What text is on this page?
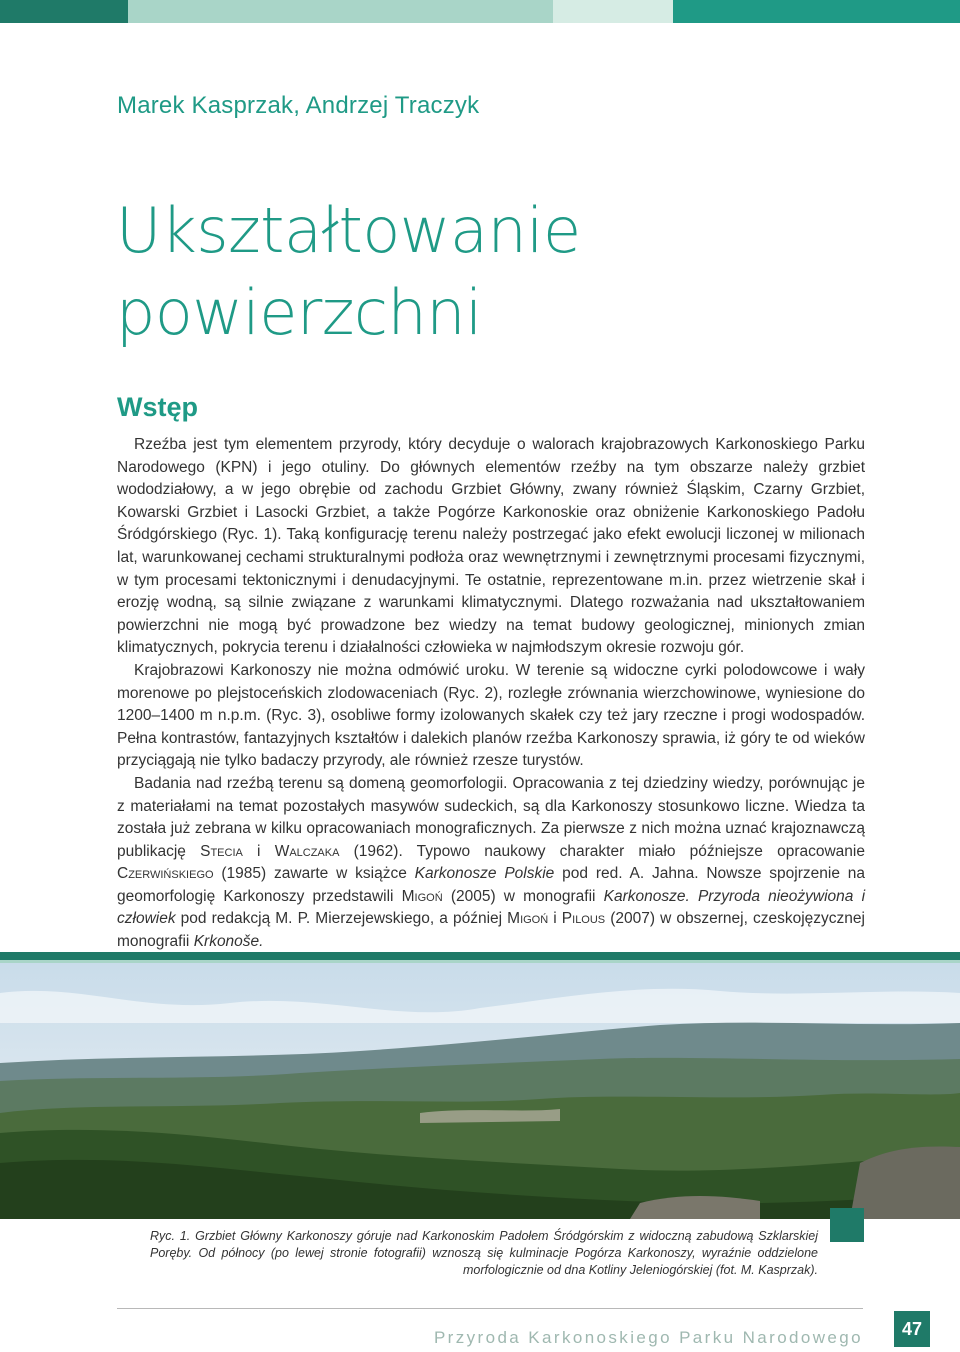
Marek Kasprzak, Andrzej Traczyk
Ukształtowanie
powierzchni
Wstęp

Rzeźba jest tym elementem przyrody, który decyduje o walorach krajobrazowych Karkonoskiego Parku Narodowego (KPN) i jego otuliny. Do głównych elementów rzeźby na tym obszarze należy grzbiet wododziałowy, a w jego obrębie od zachodu Grzbiet Główny, zwany również Śląskim, Czarny Grzbiet, Kowarski Grzbiet i Lasocki Grzbiet, a także Pogórze Karkonoskie oraz obniżenie Karkonoskiego Padołu Śródgórskiego (Ryc. 1). Taką konfigurację terenu należy postrzegać jako efekt ewolucji liczonej w milionach lat, warunkowanej cechami strukturalnymi podłoża oraz wewnętrznymi i zewnętrznymi procesami fizycznymi, w tym procesami tektonicznymi i denudacyjnymi. Te ostatnie, reprezentowane m.in. przez wietrzenie skał i erozję wodną, są silnie związane z warunkami klimatycznymi. Dlatego rozważania nad ukształtowaniem powierzchni nie mogą być prowadzone bez wiedzy na temat budowy geologicznej, minionych zmian klimatycznych, pokrycia terenu i działalności człowieka w najmłodszym okresie rozwoju gór.

Krajobrazowi Karkonoszy nie można odmówić uroku. W terenie są widoczne cyrki polodowcowe i wały morenowe po plejstoceńskich zlodowaceniach (Ryc. 2), rozległe zrównania wierzchowinowe, wyniesione do 1200–1400 m n.p.m. (Ryc. 3), osobliwe formy izolowanych skałek czy też jary rzeczne i progi wodospadów. Pełna kontrastów, fantazyjnych kształtów i dalekich planów rzeźba Karkonoszy sprawia, iż góry te od wieków przyciągają nie tylko badaczy przyrody, ale również rzesze turystów.

Badania nad rzeźbą terenu są domeną geomorfologii. Opracowania z tej dziedziny wiedzy, porównując je z materiałami na temat pozostałych masywów sudeckich, są dla Karkonoszy stosunkowo liczne. Wiedza ta została już zebrana w kilku opracowaniach monograficznych. Za pierwsze z nich można uznać krajoznawczą publikację Stecia i Walczaka (1962). Typowo naukowy charakter miało późniejsze opracowanie Czerwińskiego (1985) zawarte w książce Karkonosze Polskie pod red. A. Jahna. Nowsze spojrzenie na geomorfologię Karkonoszy przedstawili Migoń (2005) w monografii Karkonosze. Przyroda nieożywiona i człowiek pod redakcją M. P. Mierzejewskiego, a później Migoń i Pilous (2007) w obszernej, czeskojęzycznej monografii Krkonoše.

Ryc. 1. Grzbiet Główny Karkonoszy góruje nad Karkonoskim Padołem Śródgórskim z widoczną zabudową Szklarskiej Poręby. Od północy (po lewej stronie fotografii) wznoszą się kulminacje Pogórza Karkonoszy, wyraźnie oddzielone morfologicznie od dna Kotliny Jeleniogórskiej (fot. M. Kasprzak).
Przyroda Karkonoskiego Parku Narodowego	47
